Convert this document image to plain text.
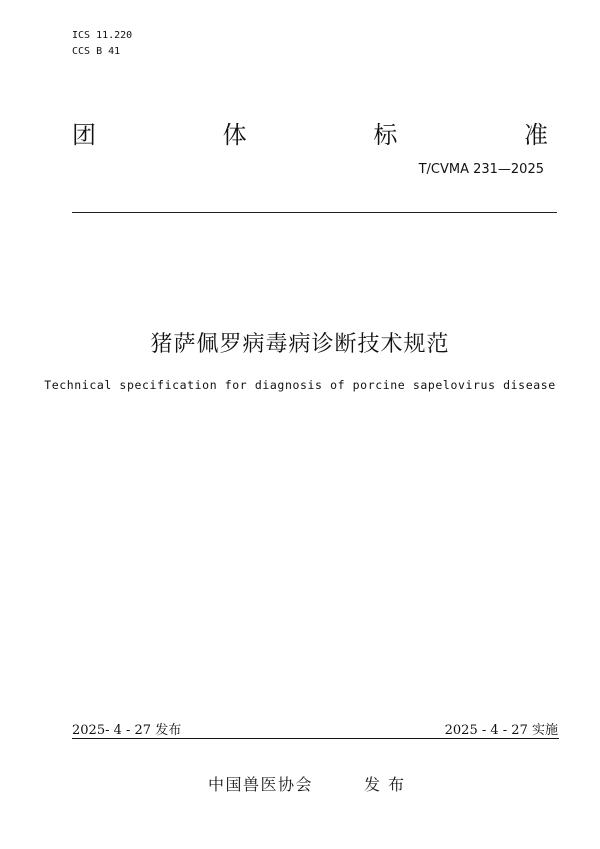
ICS 11.220
CCS B 41
团	体	标	准
T/CVMA 231—2025
猪萨佩罗病毒病诊断技术规范
Technical specification for diagnosis of porcine sapelovirus disease
2025- 4 - 27 发布	2025 - 4 - 27 实施
中国兽医协会	发布
